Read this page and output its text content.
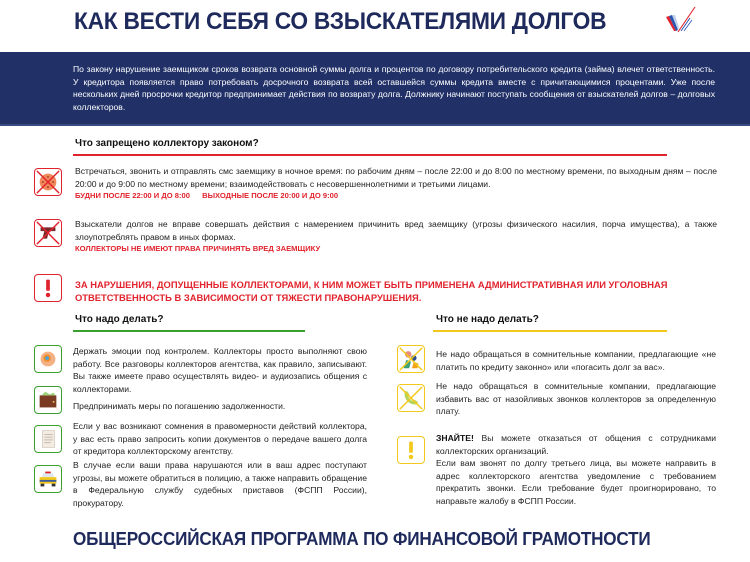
КАК ВЕСТИ СЕБЯ СО ВЗЫСКАТЕЛЯМИ ДОЛГОВ

По закону нарушение заемщиком сроков возврата основной суммы долга и процентов по договору потребительского кредита (займа) влечет ответственность. У кредитора появляется право потребовать досрочного возврата всей оставшейся суммы кредита вместе с причитающимися процентами. Уже после нескольких дней просрочки кредитор предпринимает действия по возврату долга. Должнику начинают поступать сообщения от взыскателей долгов – долговых коллекторов.

Что запрещено коллектору законом?
Встречаться, звонить и отправлять смс заемщику в ночное время: по рабочим дням – после 22:00 и до 8:00 по местному времени, по выходным дням – после 20:00 и до 9:00 по местному времени; взаимодействовать с несовершеннолетними и третьими лицами.
БУДНИ ПОСЛЕ 22:00 И ДО 8:00 ВЫХОДНЫЕ ПОСЛЕ 20:00 И ДО 9:00
Взыскатели долгов не вправе совершать действия с намерением причинить вред заемщику (угрозы физического насилия, порча имущества), а также злоупотреблять правом в иных формах.
КОЛЛЕКТОРЫ НЕ ИМЕЮТ ПРАВА ПРИЧИНЯТЬ ВРЕД ЗАЕМЩИКУ
ЗА НАРУШЕНИЯ, ДОПУЩЕННЫЕ КОЛЛЕКТОРАМИ, К НИМ МОЖЕТ БЫТЬ ПРИМЕНЕНА АДМИНИСТРАТИВНАЯ ИЛИ УГОЛОВНАЯ ОТВЕТСТВЕННОСТЬ В ЗАВИСИМОСТИ ОТ ТЯЖЕСТИ ПРАВОНАРУШЕНИЯ.
Что надо делать?
Держать эмоции под контролем. Коллекторы просто выполняют свою работу. Все разговоры коллекторов агентства, как правило, записывают. Вы также имеете право осуществлять видео- и аудиозапись общения с коллекторами.
Предпринимать меры по погашению задолженности.
Если у вас возникают сомнения в правомерности действий коллектора, у вас есть право запросить копии документов о передаче вашего долга от кредитора коллекторскому агентству.
В случае если ваши права нарушаются или в ваш адрес поступают угрозы, вы можете обратиться в полицию, а также направить обращение в Федеральную службу судебных приставов (ФСПП России), прокуратору.
Что не надо делать?
Не надо обращаться в сомнительные компании, предлагающие «не платить по кредиту законно» или «погасить долг за вас».
Не надо обращаться в сомнительные компании, предлагающие избавить вас от назойливых звонков коллекторов за определенную плату.
ЗНАЙТЕ! Вы можете отказаться от общения с сотрудниками коллекторских организаций.
Если вам звонят по долгу третьего лица, вы можете направить в адрес коллекторского агентства уведомление с требованием прекратить звонки. Если требование будет проигнорировано, то направьте жалобу в ФСПП России.
ОБЩЕРОССИЙСКАЯ ПРОГРАММА ПО ФИНАНСОВОЙ ГРАМОТНОСТИ
